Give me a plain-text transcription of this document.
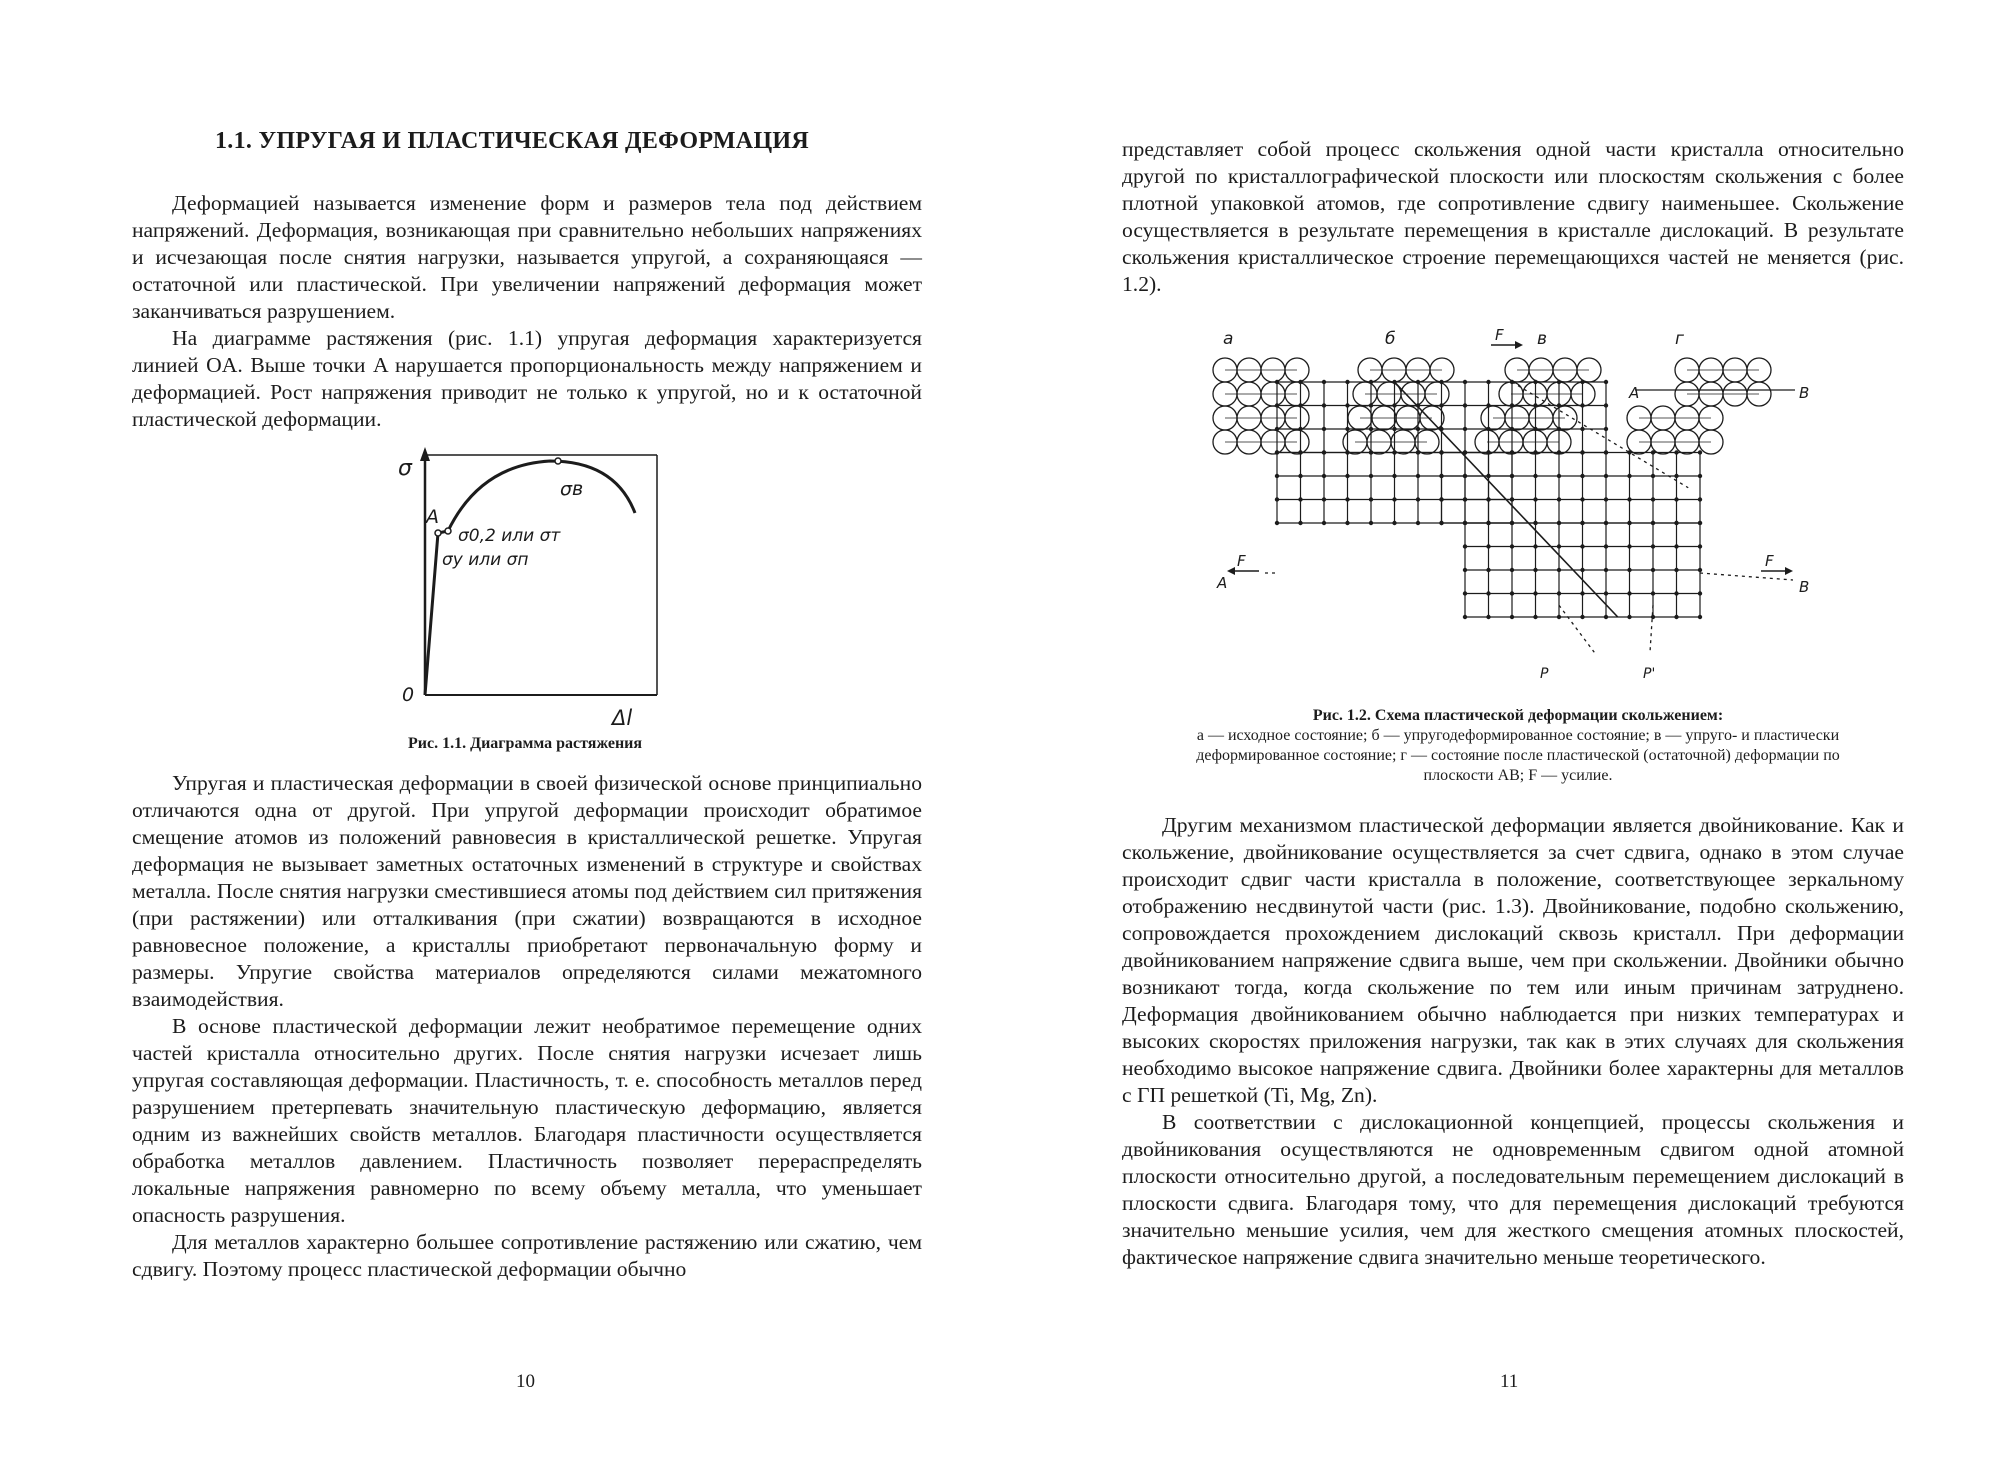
1.1. УПРУГАЯ И ПЛАСТИЧЕСКАЯ ДЕФОРМАЦИЯ

Деформацией называется изменение форм и размеров тела под действием напряжений. Деформация, возникающая при сравнительно небольших напряжениях и исчезающая после снятия нагрузки, называется упругой, а сохраняющаяся — остаточной или пластической. При увеличении напряжений деформация может заканчиваться разрушением.

На диаграмме растяжения (рис. 1.1) упругая деформация характеризуется линией OA. Выше точки A нарушается пропорциональность между напряжением и деформацией. Рост напряжения приводит не только к упругой, но и к остаточной пластической деформации.

σ
A
σв
σ0,2 или σт
σу или σп
0
Δl
Рис. 1.1. Диаграмма растяжения

Упругая и пластическая деформации в своей физической основе принципиально отличаются одна от другой. При упругой деформации происходит обратимое смещение атомов из положений равновесия в кристаллической решетке. Упругая деформация не вызывает заметных остаточных изменений в структуре и свойствах металла. После снятия нагрузки сместившиеся атомы под действием сил притяжения (при растяжении) или отталкивания (при сжатии) возвращаются в исходное равновесное положение, а кристаллы приобретают первоначальную форму и размеры. Упругие свойства материалов определяются силами межатомного взаимодействия.

В основе пластической деформации лежит необратимое перемещение одних частей кристалла относительно других. После снятия нагрузки исчезает лишь упругая составляющая деформации. Пластичность, т. е. способность металлов перед разрушением претерпевать значительную пластическую деформацию, является одним из важнейших свойств металлов. Благодаря пластичности осуществляется обработка металлов давлением. Пластичность позволяет перераспределять локальные напряжения равномерно по всему объему металла, что уменьшает опасность разрушения.

Для металлов характерно большее сопротивление растяжению или сжатию, чем сдвигу. Поэтому процесс пластической деформации обычно

10

представляет собой процесс скольжения одной части кристалла относительно другой по кристаллографической плоскости или плоскостям скольжения с более плотной упаковкой атомов, где сопротивление сдвигу наименьшее. Скольжение осуществляется в результате перемещения в кристалле дислокаций. В результате скольжения кристаллическое строение перемещающихся частей не меняется (рис. 1.2).

а	б	F в	г
A	B
F
A
F
B
P	P'
Рис. 1.2. Схема пластической деформации скольжением:
а — исходное состояние; б — упругодеформированное состояние; в — упруго- и пластически деформированное состояние; г — состояние после пластической (остаточной) деформации по плоскости AB; F — усилие.

Другим механизмом пластической деформации является двойникование. Как и скольжение, двойникование осуществляется за счет сдвига, однако в этом случае происходит сдвиг части кристалла в положение, соответствующее зеркальному отображению несдвинутой части (рис. 1.3). Двойникование, подобно скольжению, сопровождается прохождением дислокаций сквозь кристалл. При деформации двойникованием напряжение сдвига выше, чем при скольжении. Двойники обычно возникают тогда, когда скольжение по тем или иным причинам затруднено. Деформация двойникованием обычно наблюдается при низких температурах и высоких скоростях приложения нагрузки, так как в этих случаях для скольжения необходимо высокое напряжение сдвига. Двойники более характерны для металлов с ГП решеткой (Ti, Mg, Zn).

В соответствии с дислокационной концепцией, процессы скольжения и двойникования осуществляются не одновременным сдвигом одной атомной плоскости относительно другой, а последовательным перемещением дислокаций в плоскости сдвига. Благодаря тому, что для перемещения дислокаций требуются значительно меньшие усилия, чем для жесткого смещения атомных плоскостей, фактическое напряжение сдвига значительно меньше теоретического.

11
